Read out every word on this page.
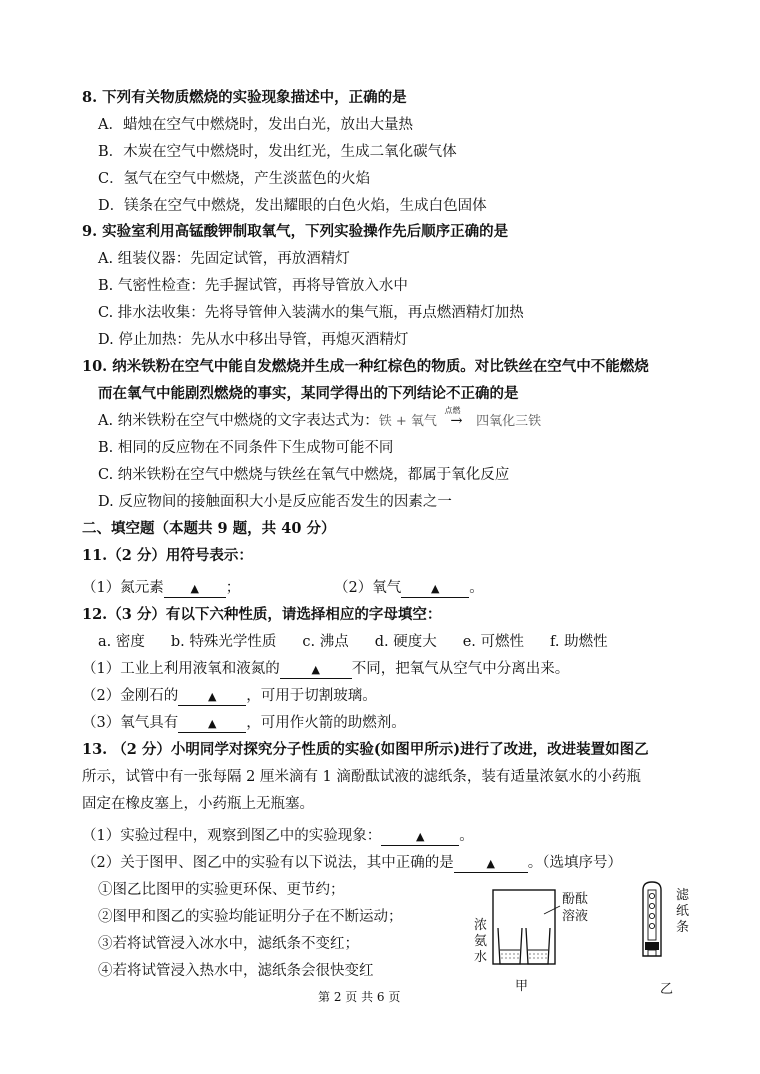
8. 下列有关物质燃烧的实验现象描述中，正确的是
A．蜡烛在空气中燃烧时，发出白光，放出大量热
B．木炭在空气中燃烧时，发出红光，生成二氧化碳气体
C．氢气在空气中燃烧，产生淡蓝色的火焰
D．镁条在空气中燃烧，发出耀眼的白色火焰，生成白色固体
9. 实验室利用高锰酸钾制取氧气，下列实验操作先后顺序正确的是
A. 组装仪器：先固定试管，再放酒精灯
B. 气密性检查：先手握试管，再将导管放入水中
C. 排水法收集：先将导管伸入装满水的集气瓶，再点燃酒精灯加热
D. 停止加热：先从水中移出导管，再熄灭酒精灯
10. 纳米铁粉在空气中能自发燃烧并生成一种红棕色的物质。对比铁丝在空气中不能燃烧
而在氧气中能剧烈燃烧的事实，某同学得出的下列结论不正确的是
A. 纳米铁粉在空气中燃烧的文字表达式为：铁 + 氧气
点燃
→ 四氧化三铁
B. 相同的反应物在不同条件下生成物可能不同
C. 纳米铁粉在空气中燃烧与铁丝在氧气中燃烧，都属于氧化反应
D. 反应物间的接触面积大小是反应能否发生的因素之一
二、填空题（本题共 9 题，共 40 分）
11.（2 分）用符号表示：
（1）氮元素 ▲ ；	（2）氧气	▲ 。
12.（3 分）有以下六种性质，请选择相应的字母填空：
a. 密度 b. 特殊光学性质 c. 沸点 d. 硬度大 e. 可燃性 f. 助燃性
（1）工业上利用液氧和液氮的	▲ 不同，把氧气从空气中分离出来。
（2）金刚石的	▲ ，可用于切割玻璃。
（3）氧气具有	▲ ，可用作火箭的助燃剂。
13. （2 分）小明同学对探究分子性质的实验(如图甲所示)进行了改进，改进装置如图乙
所示，试管中有一张每隔 2 厘米滴有 1 滴酚酞试液的滤纸条，装有适量浓氨水的小药瓶
固定在橡皮塞上，小药瓶上无瓶塞。
（1）实验过程中，观察到图乙中的实验现象：	▲ 。
（2）关于图甲、图乙中的实验有以下说法，其中正确的是	▲ 。（选填序号）
①图乙比图甲的实验更环保、更节约；
②图甲和图乙的实验均能证明分子在不断运动；
③若将试管浸入冰水中，滤纸条不变红；
④若将试管浸入热水中，滤纸条会很快变红
酚酞
溶液
浓
氨
水
甲
滤
纸
条
乙
第 2 页 共 6 页
